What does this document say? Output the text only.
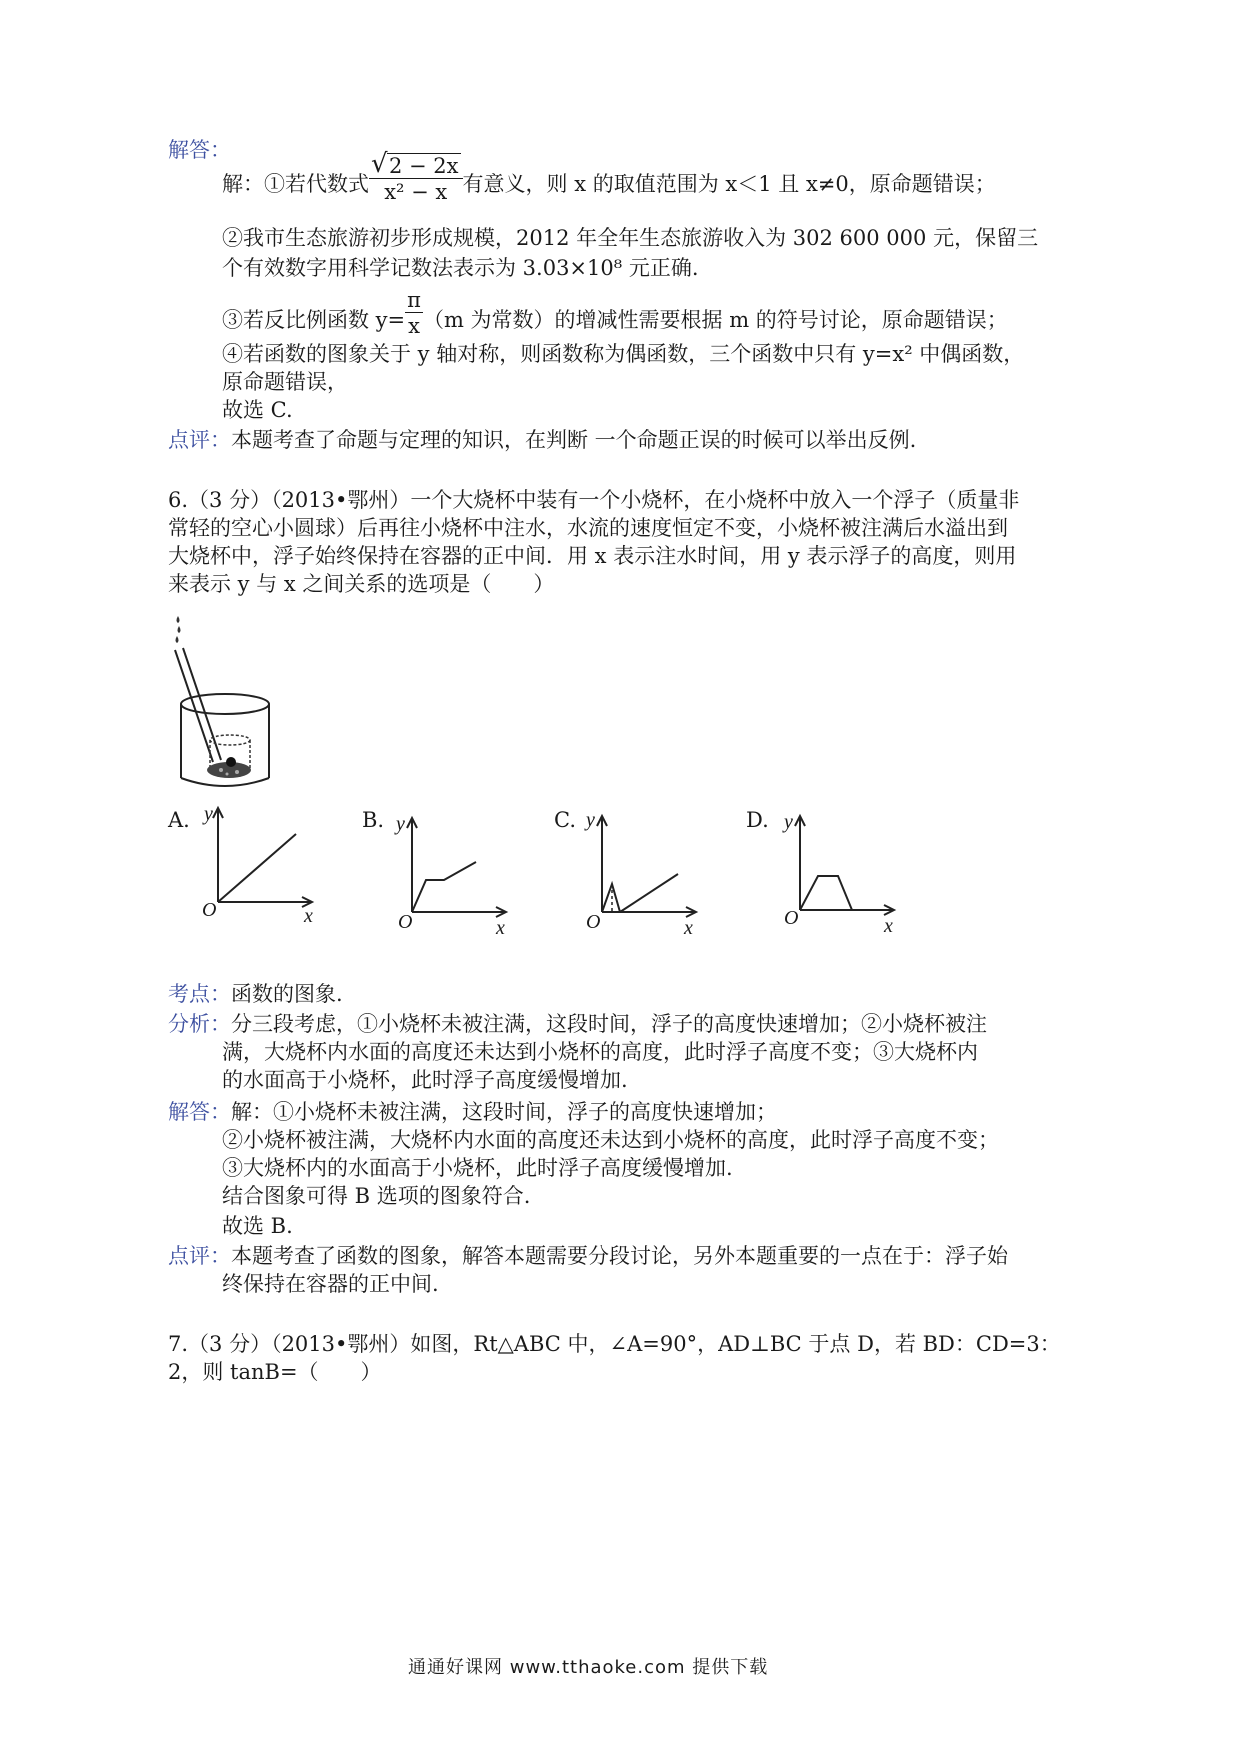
解答：
解：①若代数式 $\frac{√ 2 - 2x}{\text{x² − x}}$ 有意义，则 x 的取值范围为 x＜1 且 x≠0，原命题错误；
②我市生态旅游初步形成规模，2012 年全年生态旅游收入为 302 600 000 元，保留三
个有效数字用科学记数法表示为 3.03×10⁸ 元正确.
③若反比例函数 $y= \frac{\pi}{x} (m$ 为常数）的增减性需要根据 m 的符号讨论，原命题错误；
④若函数的图象关于 y 轴对称，则函数称为偶函数，三个函数中只有 y=x² 中偶函数，
原命题错误，
故选 C.
点评：本题考查了命题与定理的知识，在判断 一个命题正误的时候可以举出反例.
6.（3 分）（2013•鄂州）一个大烧杯中装有一个小烧杯，在小烧杯中放入一个浮子（质量非
常轻的空心小圆球）后再往小烧杯中注水，水流的速度恒定不变，小烧杯被注满后水溢出到
大烧杯中，浮子始终保持在容器的正中间．用 x 表示注水时间，用 y 表示浮子的高度，则用
来表示 y 与 x 之间关系的选项是（　　）
A.	B.	C.	D.
y
O	x
y
O	x
y
O	x
y
O	x
考点：函数的图象.
分析：分三段考虑，①小烧杯未被注满，这段时间，浮子的高度快速增加；②小烧杯被注
满，大烧杯内水面的高度还未达到小烧杯的高度，此时浮子高度不变；③大烧杯内
的水面高于小烧杯，此时浮子高度缓慢增加.
解答：解：①小烧杯未被注满，这段时间，浮子的高度快速增加；
②小烧杯被注满，大烧杯内水面的高度还未达到小烧杯的高度，此时浮子高度不变；
③大烧杯内的水面高于小烧杯，此时浮子高度缓慢增加.
结合图象可得 B 选项的图象符合.
故选 B.
点评：本题考查了函数的图象，解答本题需要分段讨论，另外本题重要的一点在于：浮子始
终保持在容器的正中间.
7.（3 分）（2013•鄂州）如图，Rt△ABC 中，∠A=90°，AD⊥BC 于点 D，若 BD：CD=3：
2，则 tanB=（　　）
通通好课网 www.tthaoke.com 提供下载
